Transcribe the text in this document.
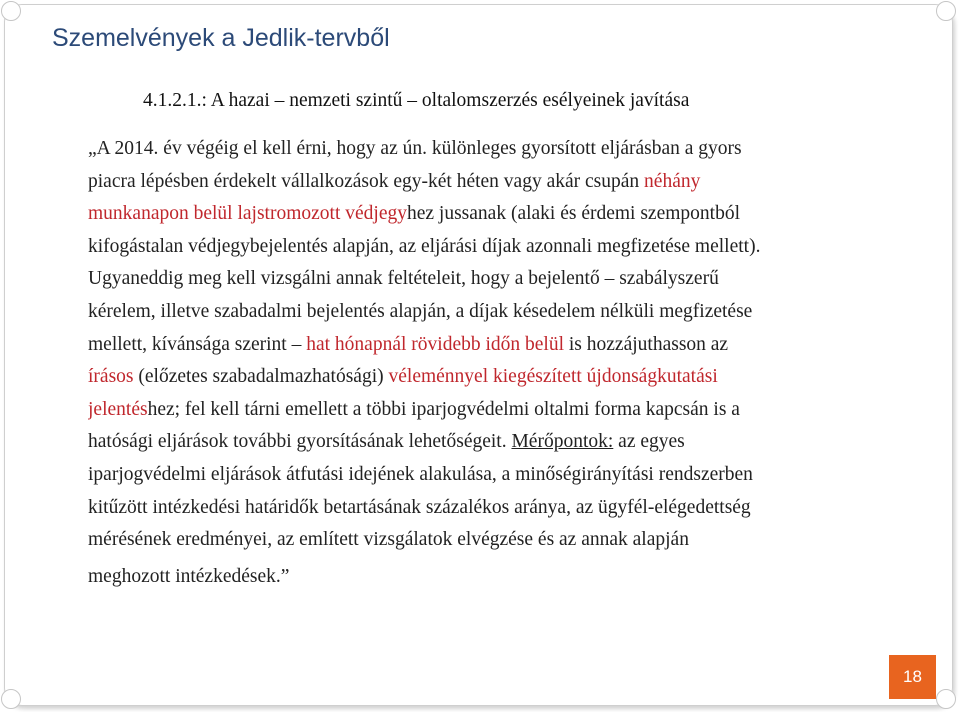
Szemelvények a Jedlik-tervből
4.1.2.1.: A hazai – nemzeti szintű – oltalomszerzés esélyeinek javítása
„A 2014. év végéig el kell érni, hogy az ún. különleges gyorsított eljárásban a gyors
piacra lépésben érdekelt vállalkozások egy-két héten vagy akár csupán néhány
munkanapon belül lajstromozott védjegyhez jussanak (alaki és érdemi szempontból
kifogástalan védjegybejelentés alapján, az eljárási díjak azonnali megfizetése mellett).
Ugyaneddig meg kell vizsgálni annak feltételeit, hogy a bejelentő – szabályszerű
kérelem, illetve szabadalmi bejelentés alapján, a díjak késedelem nélküli megfizetése
mellett, kívánsága szerint – hat hónapnál rövidebb időn belül is hozzájuthasson az
írásos (előzetes szabadalmazhatósági) véleménnyel kiegészített újdonságkutatási
jelentéshez; fel kell tárni emellett a többi iparjogvédelmi oltalmi forma kapcsán is a
hatósági eljárások további gyorsításának lehetőségeit. Mérőpontok: az egyes
iparjogvédelmi eljárások átfutási idejének alakulása, a minőségirányítási rendszerben
kitűzött intézkedési határidők betartásának százalékos aránya, az ügyfél-elégedettség
mérésének eredményei, az említett vizsgálatok elvégzése és az annak alapján
meghozott intézkedések.”
18
